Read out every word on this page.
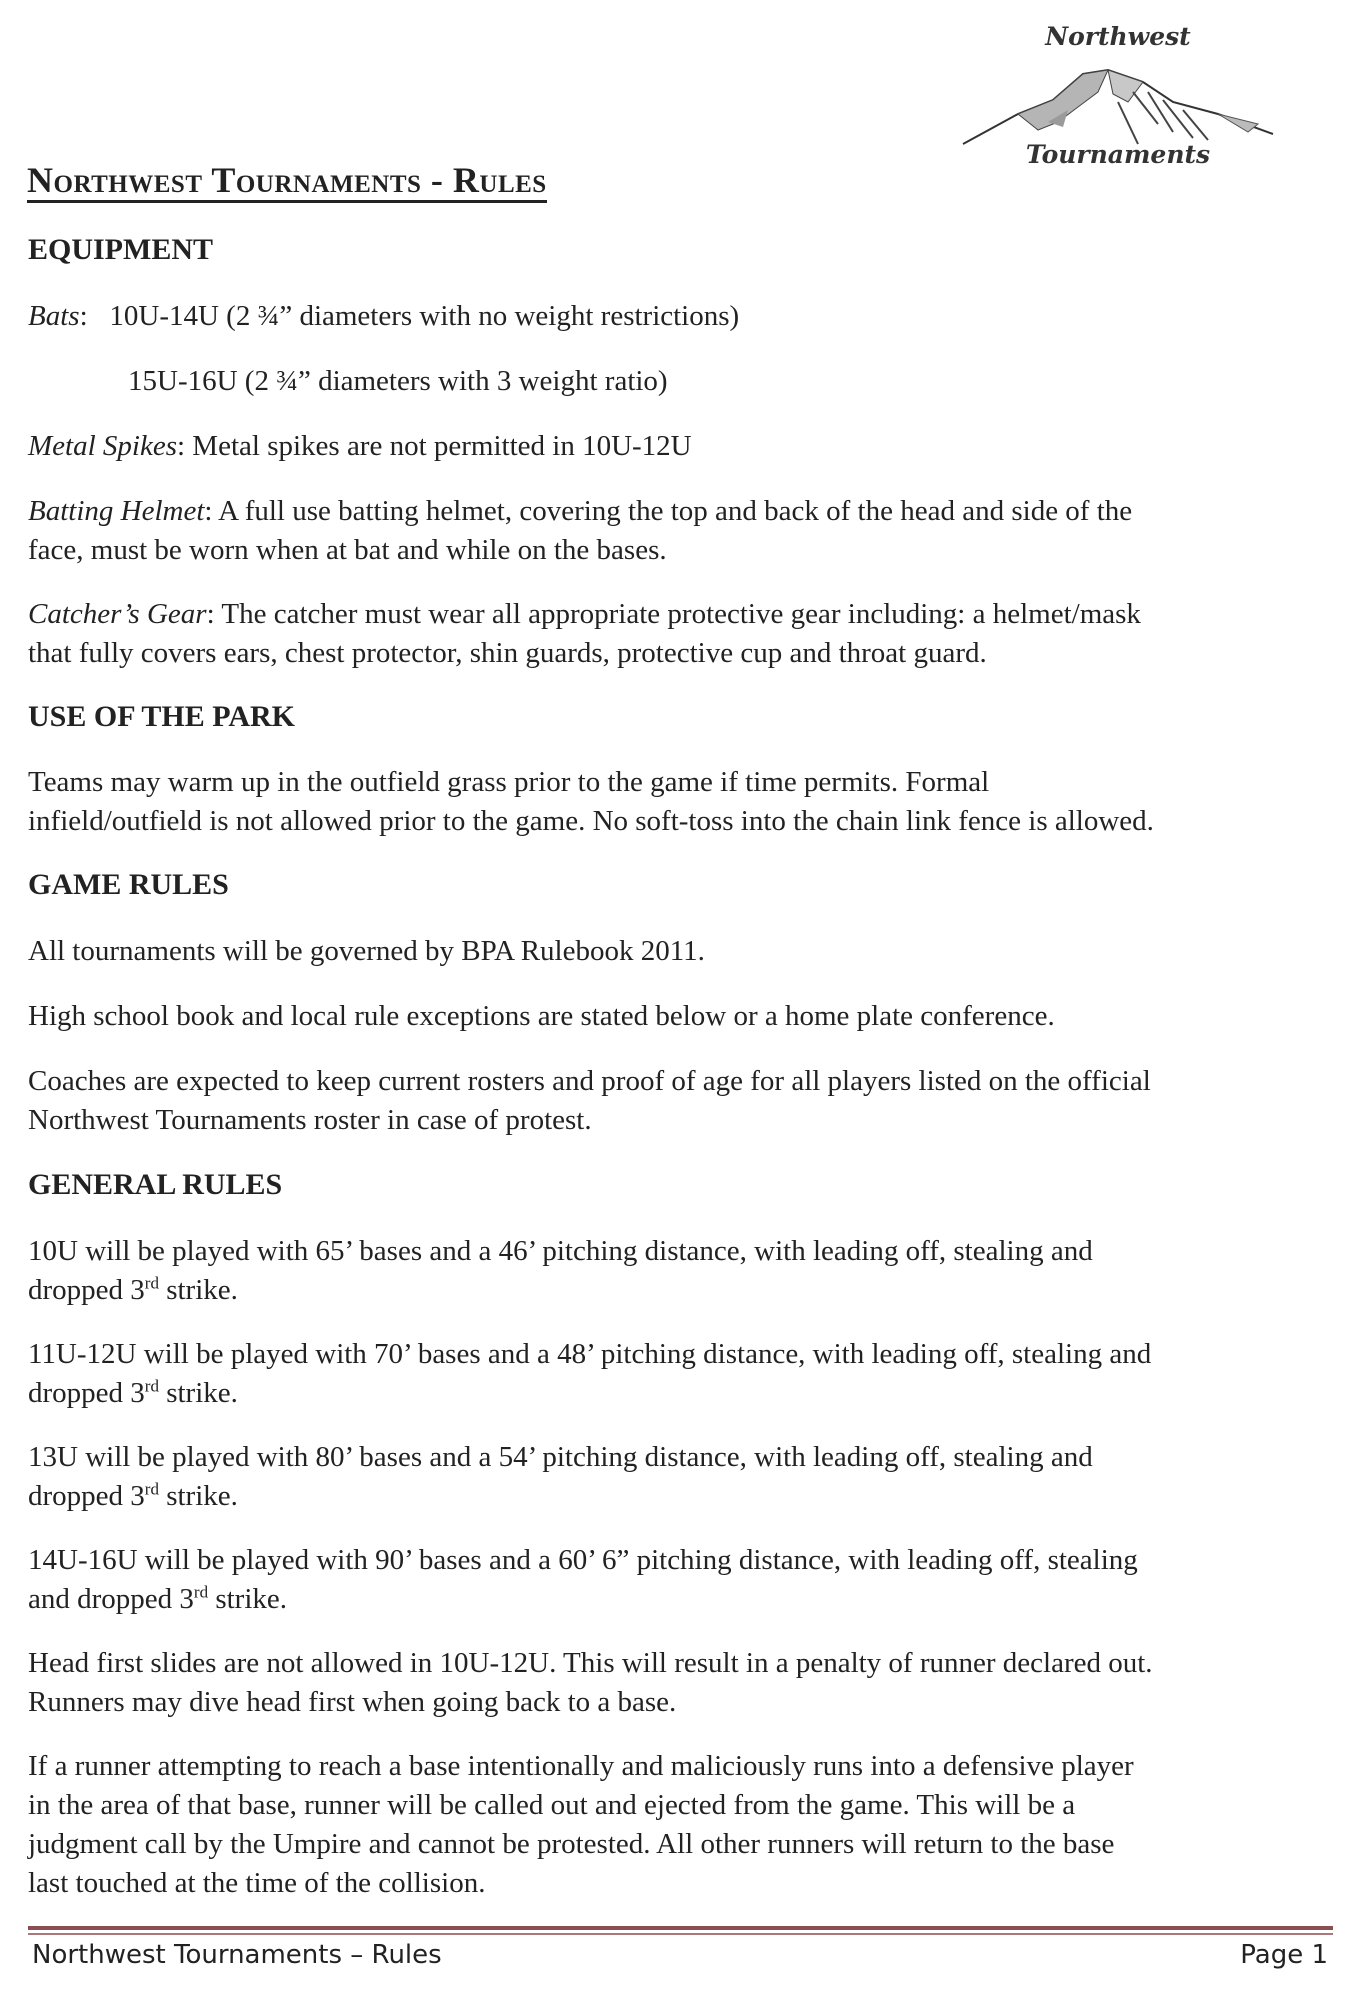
Northwest
Tournaments
Northwest Tournaments - Rules
EQUIPMENT
Bats:   10U-14U (2 ¾” diameters with no weight restrictions)
15U-16U (2 ¾” diameters with 3 weight ratio)
Metal Spikes: Metal spikes are not permitted in 10U-12U
Batting Helmet: A full use batting helmet, covering the top and back of the head and side of the
face, must be worn when at bat and while on the bases.
Catcher’s Gear: The catcher must wear all appropriate protective gear including: a helmet/mask
that fully covers ears, chest protector, shin guards, protective cup and throat guard.
USE OF THE PARK
Teams may warm up in the outfield grass prior to the game if time permits. Formal
infield/outfield is not allowed prior to the game. No soft-toss into the chain link fence is allowed.
GAME RULES
All tournaments will be governed by BPA Rulebook 2011.
High school book and local rule exceptions are stated below or a home plate conference.
Coaches are expected to keep current rosters and proof of age for all players listed on the official
Northwest Tournaments roster in case of protest.
GENERAL RULES
10U will be played with 65’ bases and a 46’ pitching distance, with leading off, stealing and
dropped 3rd strike.
11U-12U will be played with 70’ bases and a 48’ pitching distance, with leading off, stealing and
dropped 3rd strike.
13U will be played with 80’ bases and a 54’ pitching distance, with leading off, stealing and
dropped 3rd strike.
14U-16U will be played with 90’ bases and a 60’ 6” pitching distance, with leading off, stealing
and dropped 3rd strike.
Head first slides are not allowed in 10U-12U. This will result in a penalty of runner declared out.
Runners may dive head first when going back to a base.
If a runner attempting to reach a base intentionally and maliciously runs into a defensive player
in the area of that base, runner will be called out and ejected from the game. This will be a
judgment call by the Umpire and cannot be protested. All other runners will return to the base
last touched at the time of the collision.
Northwest Tournaments – Rules	Page 1
